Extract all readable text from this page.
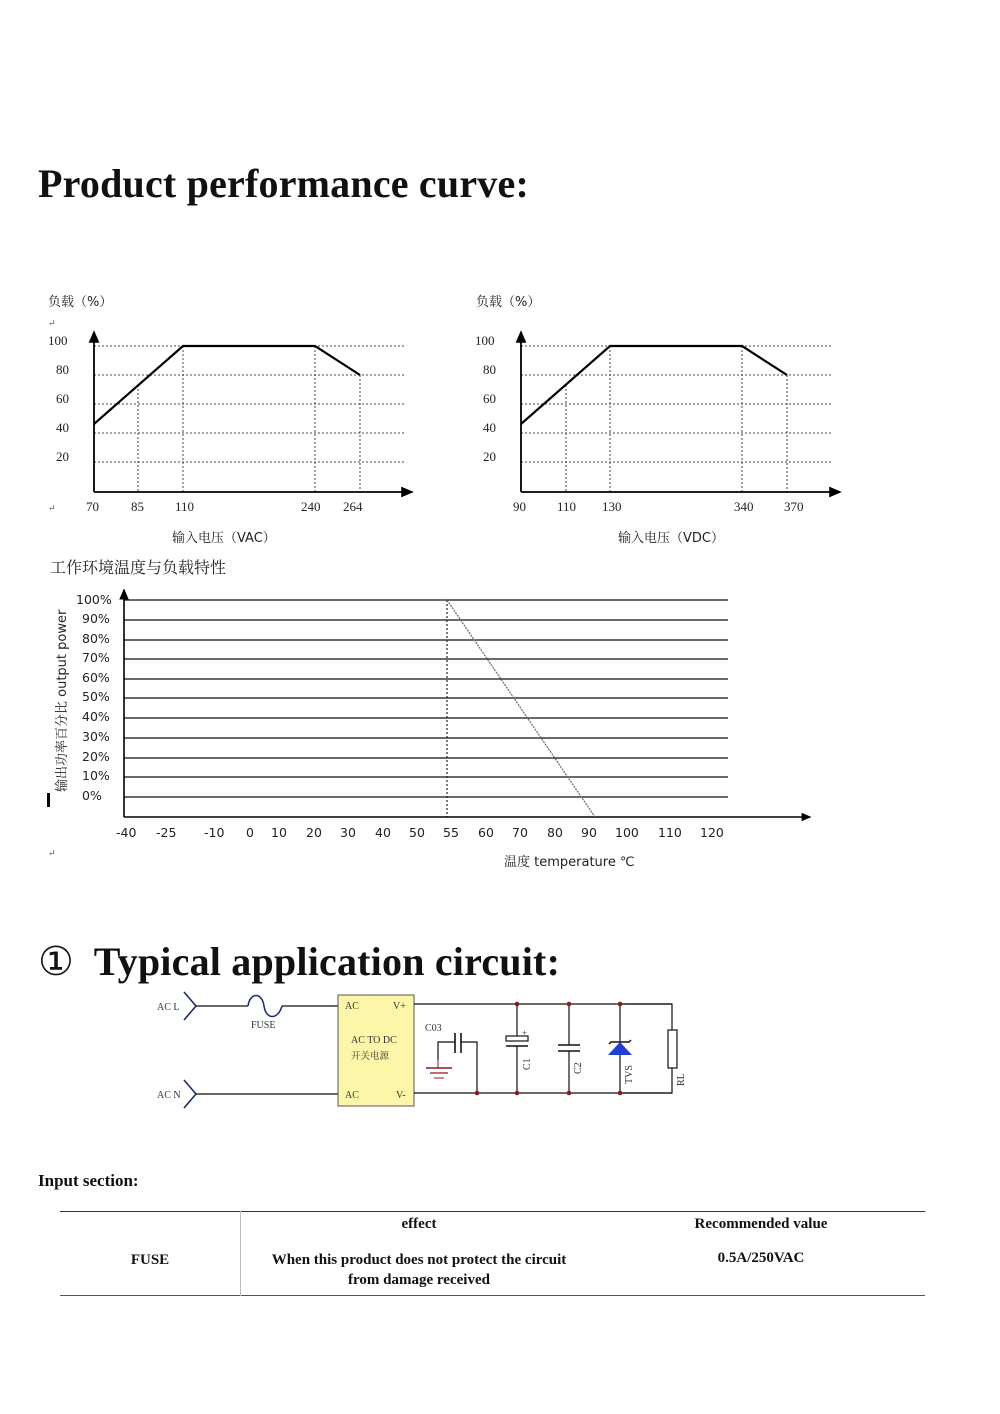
Product performance curve:
负载（%）
↵
100
80
60
40
20
↵ 70 85 110	240 264
输入电压（VAC）
负载（%）
100
80
60
40
20
90 110 130	340 370
输入电压（VDC）
工作环境温度与负载特性
输出功率百分比 output power
100%
90%
80%
70%
60%
50%
40%
30%
20%
10%
0%
-40 -25 -10 0 10 20 30 40 50 55 60 70 80 90 100 110 120
↵
温度 temperature ℃
AC L
AC N
FUSE
AC	V+
AC TO DC
开关电源
AC	V-
C03	+
C1	C2	TVS	RL
① Typical application circuit:
Input section:
	effect	Recommended value
FUSE	When this product does not protect the circuit
from damage received	0.5A/250VAC
